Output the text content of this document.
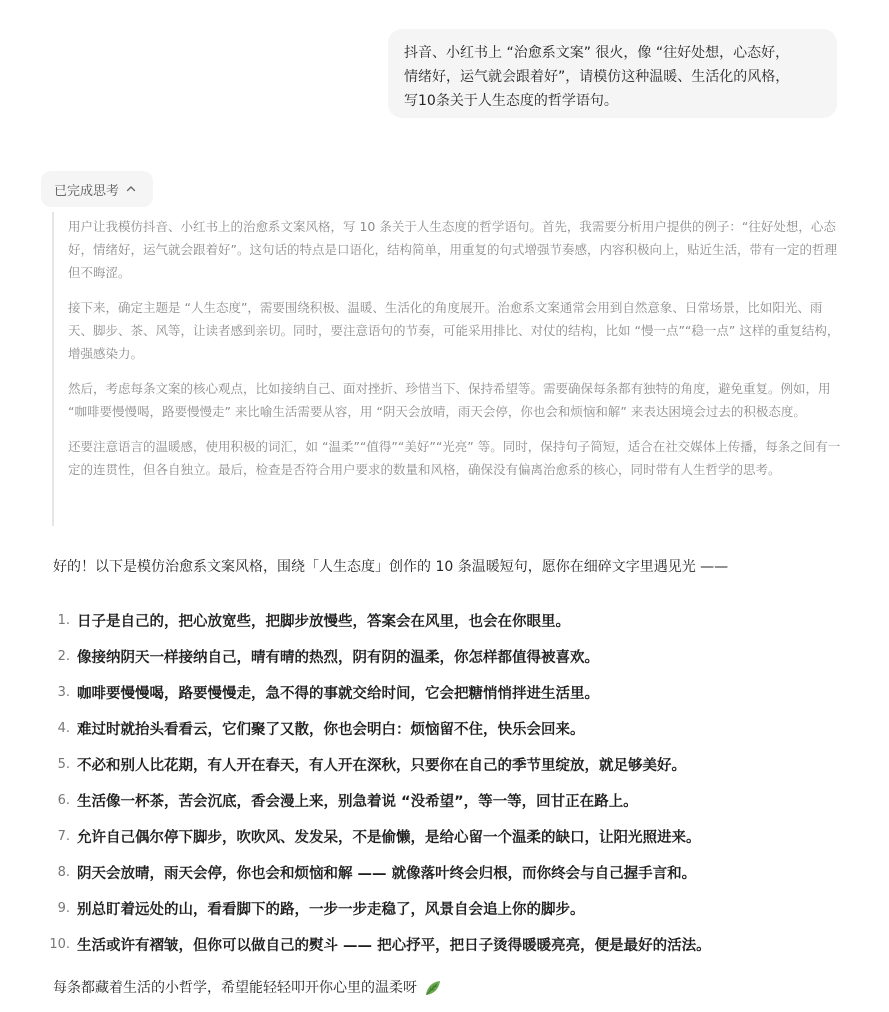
抖音、小红书上 “治愈系文案” 很火，像 “往好处想，心态好，
情绪好，运气就会跟着好”，请模仿这种温暖、生活化的风格，
写10条关于人生态度的哲学语句。
已完成思考

用户让我模仿抖音、小红书上的治愈系文案风格，写 10 条关于人生态度的哲学语句。首先，我需要分析用户提供的例子：“往好处想，心态好，情绪好，运气就会跟着好”。这句话的特点是口语化，结构简单，用重复的句式增强节奏感，内容积极向上，贴近生活，带有一定的哲理但不晦涩。

接下来，确定主题是 “人生态度”，需要围绕积极、温暖、生活化的角度展开。治愈系文案通常会用到自然意象、日常场景，比如阳光、雨天、脚步、茶、风等，让读者感到亲切。同时，要注意语句的节奏，可能采用排比、对仗的结构，比如 “慢一点”“稳一点” 这样的重复结构，增强感染力。

然后，考虑每条文案的核心观点，比如接纳自己、面对挫折、珍惜当下、保持希望等。需要确保每条都有独特的角度，避免重复。例如，用 “咖啡要慢慢喝，路要慢慢走” 来比喻生活需要从容，用 “阴天会放晴，雨天会停，你也会和烦恼和解” 来表达困境会过去的积极态度。

还要注意语言的温暖感，使用积极的词汇，如 “温柔”“值得”“美好”“光亮” 等。同时，保持句子简短，适合在社交媒体上传播，每条之间有一定的连贯性，但各自独立。最后，检查是否符合用户要求的数量和风格，确保没有偏离治愈系的核心，同时带有人生哲学的思考。

好的！以下是模仿治愈系文案风格，围绕「人生态度」创作的 10 条温暖短句，愿你在细碎文字里遇见光 ——
1. 日子是自己的，把心放宽些，把脚步放慢些，答案会在风里，也会在你眼里。
2. 像接纳阴天一样接纳自己，晴有晴的热烈，阴有阴的温柔，你怎样都值得被喜欢。
3. 咖啡要慢慢喝，路要慢慢走，急不得的事就交给时间，它会把糖悄悄拌进生活里。
4. 难过时就抬头看看云，它们聚了又散，你也会明白：烦恼留不住，快乐会回来。
5. 不必和别人比花期，有人开在春天，有人开在深秋，只要你在自己的季节里绽放，就足够美好。
6. 生活像一杯茶，苦会沉底，香会漫上来，别急着说 “没希望”，等一等，回甘正在路上。
7. 允许自己偶尔停下脚步，吹吹风、发发呆，不是偷懒，是给心留一个温柔的缺口，让阳光照进来。
8. 阴天会放晴，雨天会停，你也会和烦恼和解 —— 就像落叶终会归根，而你终会与自己握手言和。
9. 别总盯着远处的山，看看脚下的路，一步一步走稳了，风景自会追上你的脚步。
10. 生活或许有褶皱，但你可以做自己的熨斗 —— 把心抒平，把日子烫得暖暖亮亮，便是最好的活法。
每条都藏着生活的小哲学，希望能轻轻叩开你心里的温柔呀
